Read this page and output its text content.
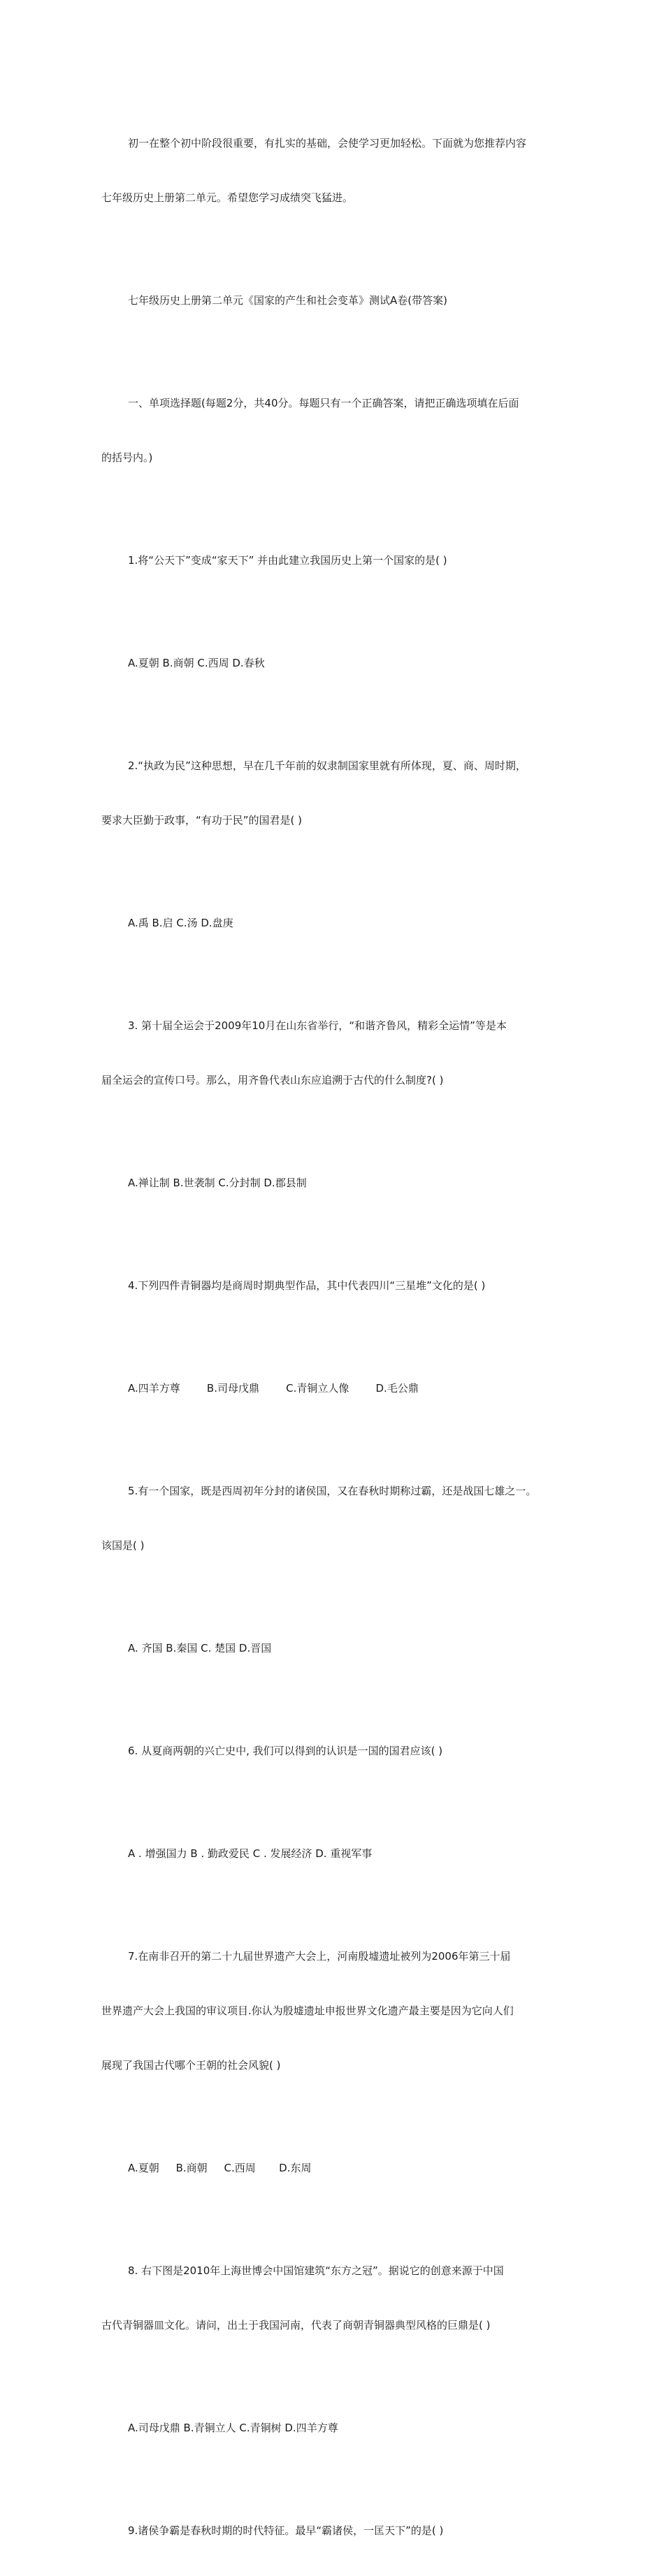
初一在整个初中阶段很重要，有扎实的基础，会使学习更加轻松。下面就为您推荐内容

七年级历史上册第二单元。希望您学习成绩突飞猛进。

七年级历史上册第二单元《国家的产生和社会变革》测试A卷(带答案)

一、单项选择题(每题2分，共40分。每题只有一个正确答案，请把正确选项填在后面

的括号内。)

1.将“公天下”变成“家天下” 并由此建立我国历史上第一个国家的是( )

A.夏朝 B.商朝 C.西周 D.春秋

2.“执政为民”这种思想，早在几千年前的奴隶制国家里就有所体现，夏、商、周时期，

要求大臣勤于政事，“有功于民”的国君是( )

A.禹 B.启 C.汤 D.盘庚

3. 第十届全运会于2009年10月在山东省举行，“和谐齐鲁风，精彩全运情”等是本

届全运会的宣传口号。那么，用齐鲁代表山东应追溯于古代的什么制度?( )

A.禅让制 B.世袭制 C.分封制 D.郡县制

4.下列四件青铜器均是商周时期典型作品，其中代表四川“三星堆”文化的是( )

A.四羊方尊        B.司母戊鼎        C.青铜立人像        D.毛公鼎

5.有一个国家，既是西周初年分封的诸侯国，又在春秋时期称过霸，还是战国七雄之一。

该国是( )

A. 齐国 B.秦国 C. 楚国 D.晋国

6. 从夏商两朝的兴亡史中, 我们可以得到的认识是一国的国君应该( )

A . 增强国力 B . 勤政爱民 C . 发展经济 D. 重视军事

7.在南非召开的第二十九届世界遗产大会上，河南殷墟遗址被列为2006年第三十届

世界遗产大会上我国的审议项目.你认为殷墟遗址申报世界文化遗产最主要是因为它向人们

展现了我国古代哪个王朝的社会风貌( )

A.夏朝     B.商朝     C.西周       D.东周

8. 右下图是2010年上海世博会中国馆建筑“东方之冠”。据说它的创意来源于中国

古代青铜器皿文化。请问，出土于我国河南，代表了商朝青铜器典型风格的巨鼎是( )

A.司母戊鼎 B.青铜立人 C.青铜树 D.四羊方尊

9.诸侯争霸是春秋时期的时代特征。最早“霸诸侯，一匡天下”的是( )
